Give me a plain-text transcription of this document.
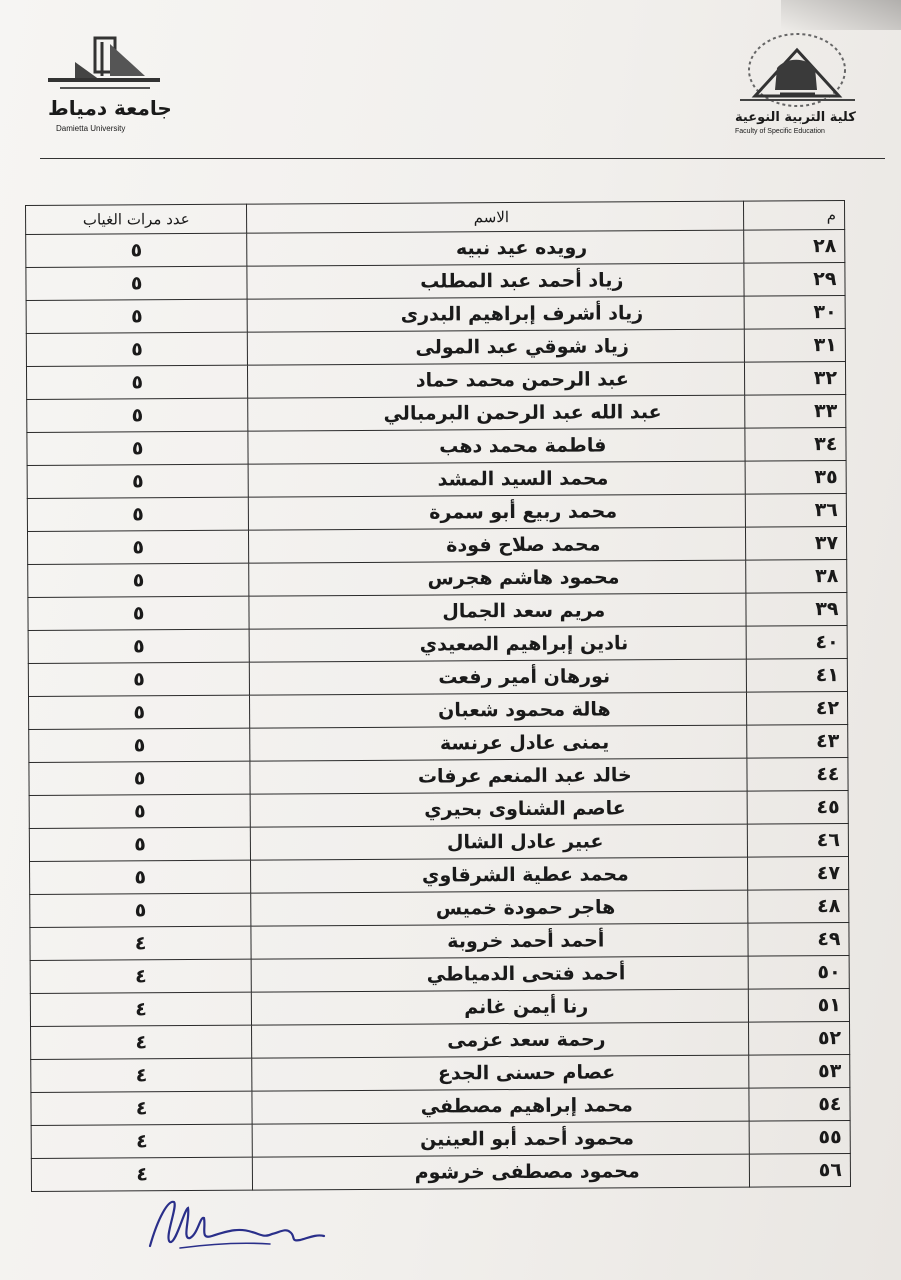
جامعة دمياط
Damietta University
كلية التربية النوعية
Faculty of Specific Education
م	الاسم	عدد مرات الغياب
٢٨	رويده عيد نبيه	٥
٢٩	زياد أحمد عبد المطلب	٥
٣٠	زياد أشرف إبراهيم البدرى	٥
٣١	زياد شوقي عبد المولى	٥
٣٢	عبد الرحمن محمد حماد	٥
٣٣	عبد الله عبد الرحمن البرمبالي	٥
٣٤	فاطمة محمد دهب	٥
٣٥	محمد السيد المشد	٥
٣٦	محمد ربيع أبو سمرة	٥
٣٧	محمد صلاح فودة	٥
٣٨	محمود هاشم هجرس	٥
٣٩	مريم سعد الجمال	٥
٤٠	نادين إبراهيم الصعيدي	٥
٤١	نورهان أمير رفعت	٥
٤٢	هالة محمود شعبان	٥
٤٣	يمنى عادل عرنسة	٥
٤٤	خالد عبد المنعم عرفات	٥
٤٥	عاصم الشناوى بحيري	٥
٤٦	عبير عادل الشال	٥
٤٧	محمد عطية الشرقاوي	٥
٤٨	هاجر حمودة خميس	٥
٤٩	أحمد أحمد خروبة	٤
٥٠	أحمد فتحى الدمياطي	٤
٥١	رنا أيمن غانم	٤
٥٢	رحمة سعد عزمى	٤
٥٣	عصام حسنى الجدع	٤
٥٤	محمد إبراهيم مصطفي	٤
٥٥	محمود أحمد أبو العينين	٤
٥٦	محمود مصطفى خرشوم	٤
